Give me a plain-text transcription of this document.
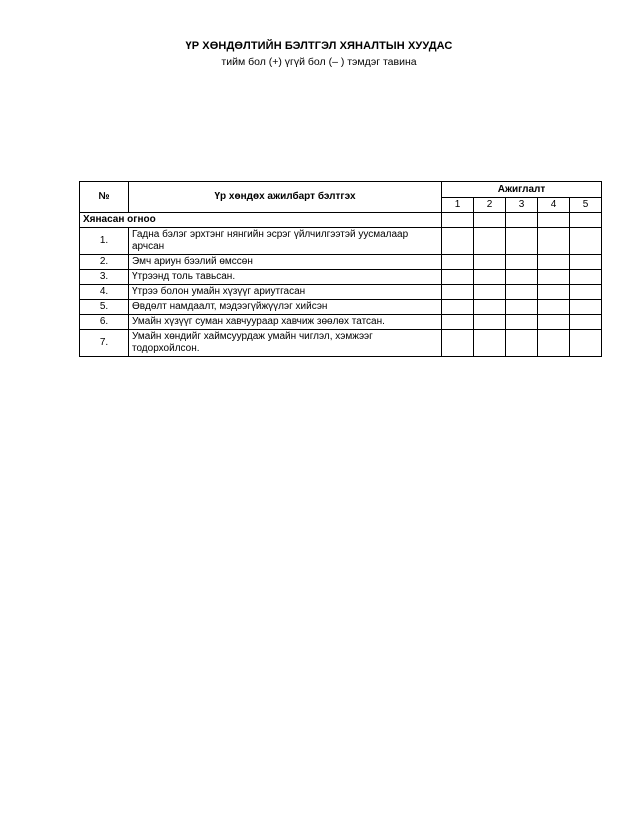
ҮР ХӨНДӨЛТИЙН БЭЛТГЭЛ ХЯНАЛТЫН ХУУДАС
тийм бол (+) үгүй бол (– ) тэмдэг тавина
№	Үр хөндөх ажилбарт бэлтгэх	Ажиглалт				
		1	2	3	4	5
Хянасан огноо						
1.	Гадна бэлэг эрхтэнг нянгийн эсрэг үйлчилгээтэй уусмалаар арчсан					
2.	Эмч ариун бээлий өмссөн					
3.	Үтрээнд толь тавьсан.					
4.	Үтрээ болон умайн хүзүүг ариутгасан					
5.	Өвдөлт намдаалт, мэдээгүйжүүлэг хийсэн					
6.	Умайн хүзүүг суман хавчуураар хавчиж зөөлөх татсан.					
7.	Умайн хөндийг хаймсуурдаж умайн чиглэл, хэмжээг тодорхойлсон.					
